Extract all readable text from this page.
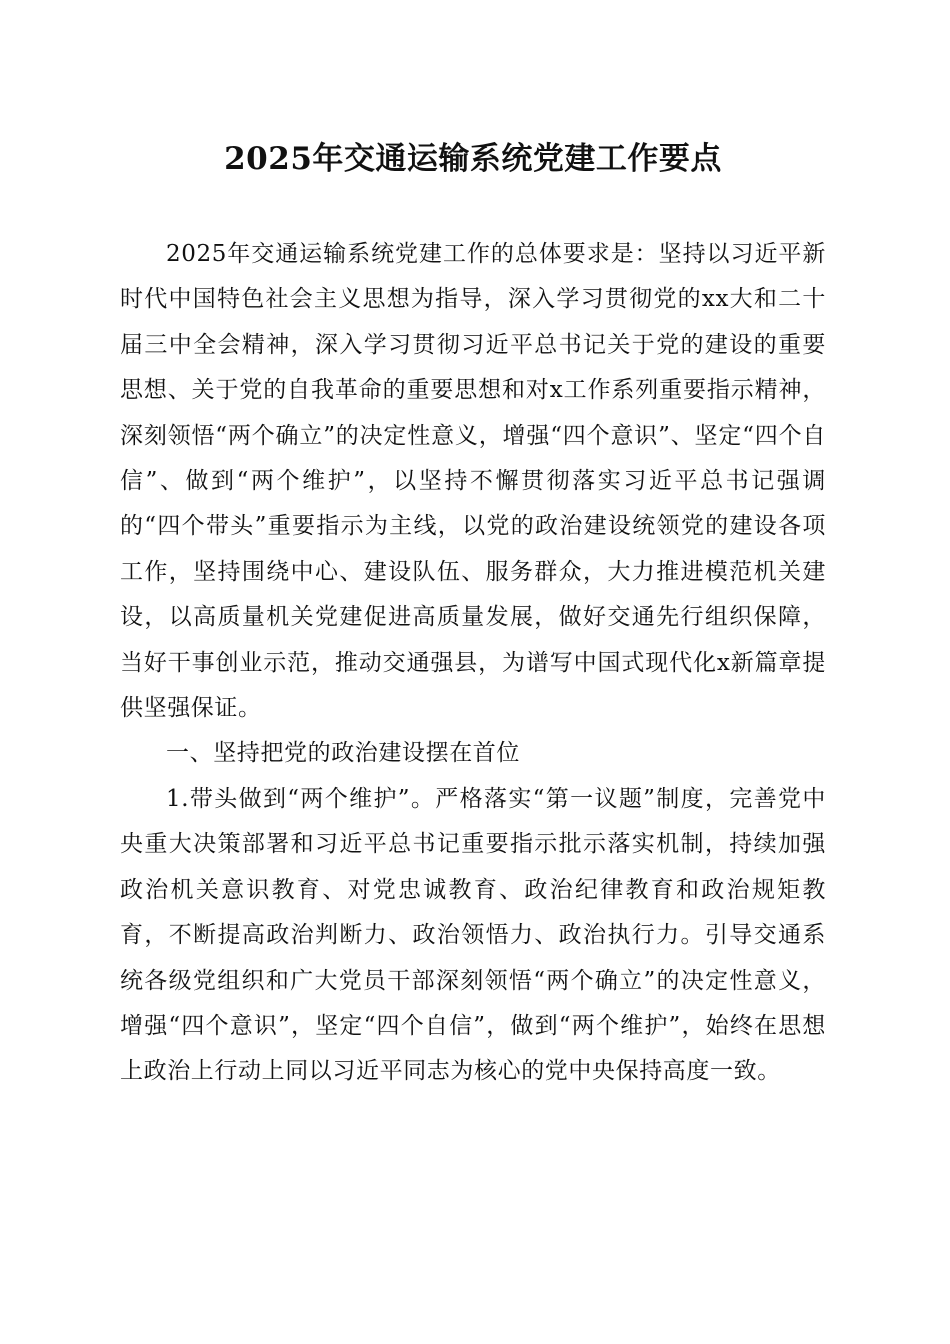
2025年交通运输系统党建工作要点

2025年交通运输系统党建工作的总体要求是：坚持以习近平新时代中国特色社会主义思想为指导，深入学习贯彻党的xx大和二十届三中全会精神，深入学习贯彻习近平总书记关于党的建设的重要思想、关于党的自我革命的重要思想和对x工作系列重要指示精神，深刻领悟“两个确立”的决定性意义，增强“四个意识”、坚定“四个自信”、做到“两个维护”，以坚持不懈贯彻落实习近平总书记强调的“四个带头”重要指示为主线，以党的政治建设统领党的建设各项工作，坚持围绕中心、建设队伍、服务群众，大力推进模范机关建设，以高质量机关党建促进高质量发展，做好交通先行组织保障，当好干事创业示范，推动交通强县，为谱写中国式现代化x新篇章提供坚强保证。

一、坚持把党的政治建设摆在首位

1.带头做到“两个维护”。严格落实“第一议题”制度，完善党中央重大决策部署和习近平总书记重要指示批示落实机制，持续加强政治机关意识教育、对党忠诚教育、政治纪律教育和政治规矩教育，不断提高政治判断力、政治领悟力、政治执行力。引导交通系统各级党组织和广大党员干部深刻领悟“两个确立”的决定性意义，增强“四个意识”，坚定“四个自信”，做到“两个维护”，始终在思想上政治上行动上同以习近平同志为核心的党中央保持高度一致。
